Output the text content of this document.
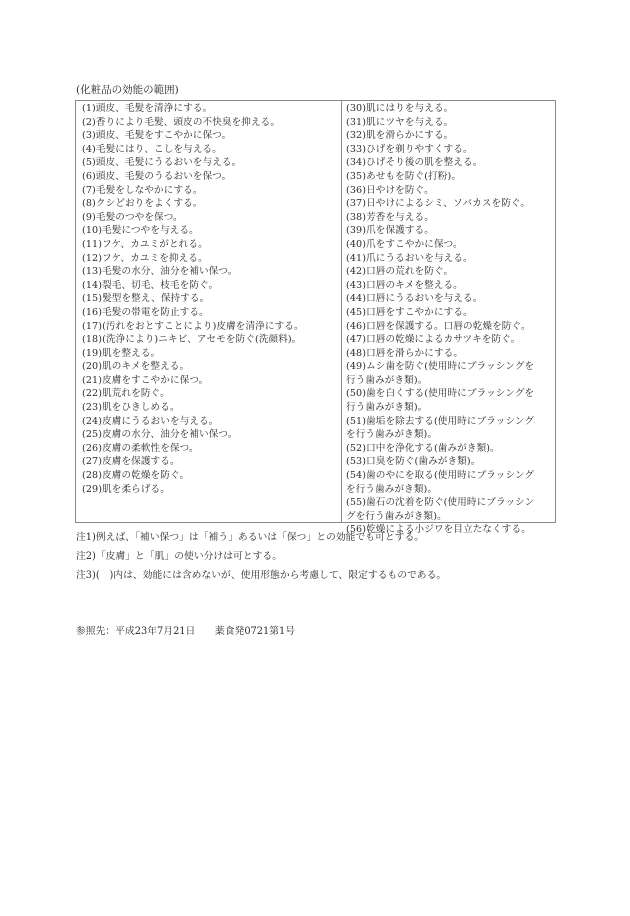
(化粧品の効能の範囲)
(1)頭皮、毛髪を清浄にする。
(2)香りにより毛髪、頭皮の不快臭を抑える。
(3)頭皮、毛髪をすこやかに保つ。
(4)毛髪にはり、こしを与える。
(5)頭皮、毛髪にうるおいを与える。
(6)頭皮、毛髪のうるおいを保つ。
(7)毛髪をしなやかにする。
(8)クシどおりをよくする。
(9)毛髪のつやを保つ。
(10)毛髪につやを与える。
(11)フケ、カユミがとれる。
(12)フケ、カユミを抑える。
(13)毛髪の水分、油分を補い保つ。
(14)裂毛、切毛、枝毛を防ぐ。
(15)髪型を整え、保持する。
(16)毛髪の帯電を防止する。
(17)(汚れをおとすことにより)皮膚を清浄にする。
(18)(洗浄により)ニキビ、アセモを防ぐ(洗顔料)。
(19)肌を整える。
(20)肌のキメを整える。
(21)皮膚をすこやかに保つ。
(22)肌荒れを防ぐ。
(23)肌をひきしめる。
(24)皮膚にうるおいを与える。
(25)皮膚の水分、油分を補い保つ。
(26)皮膚の柔軟性を保つ。
(27)皮膚を保護する。
(28)皮膚の乾燥を防ぐ。
(29)肌を柔らげる。
(30)肌にはりを与える。
(31)肌にツヤを与える。
(32)肌を滑らかにする。
(33)ひげを剃りやすくする。
(34)ひげそり後の肌を整える。
(35)あせもを防ぐ(打粉)。
(36)日やけを防ぐ。
(37)日やけによるシミ、ソバカスを防ぐ。
(38)芳香を与える。
(39)爪を保護する。
(40)爪をすこやかに保つ。
(41)爪にうるおいを与える。
(42)口唇の荒れを防ぐ。
(43)口唇のキメを整える。
(44)口唇にうるおいを与える。
(45)口唇をすこやかにする。
(46)口唇を保護する。口唇の乾燥を防ぐ。
(47)口唇の乾燥によるカサツキを防ぐ。
(48)口唇を滑らかにする。
(49)ムシ歯を防ぐ(使用時にブラッシングを
行う歯みがき類)。
(50)歯を白くする(使用時にブラッシングを
行う歯みがき類)。
(51)歯垢を除去する(使用時にブラッシング
を行う歯みがき類)。
(52)口中を浄化する(歯みがき類)。
(53)口臭を防ぐ(歯みがき類)。
(54)歯のやにを取る(使用時にブラッシング
を行う歯みがき類)。
(55)歯石の沈着を防ぐ(使用時にブラッシン
グを行う歯みがき類)。
(56)乾燥による小ジワを目立たなくする。
注1)例えば、「補い保つ」は「補う」あるいは「保つ」との効能でも可とする。
注2)「皮膚」と「肌」の使い分けは可とする。
注3)(　)内は、効能には含めないが、使用形態から考慮して、限定するものである。
参照先：平成23年7月21日　　薬食発0721第1号
